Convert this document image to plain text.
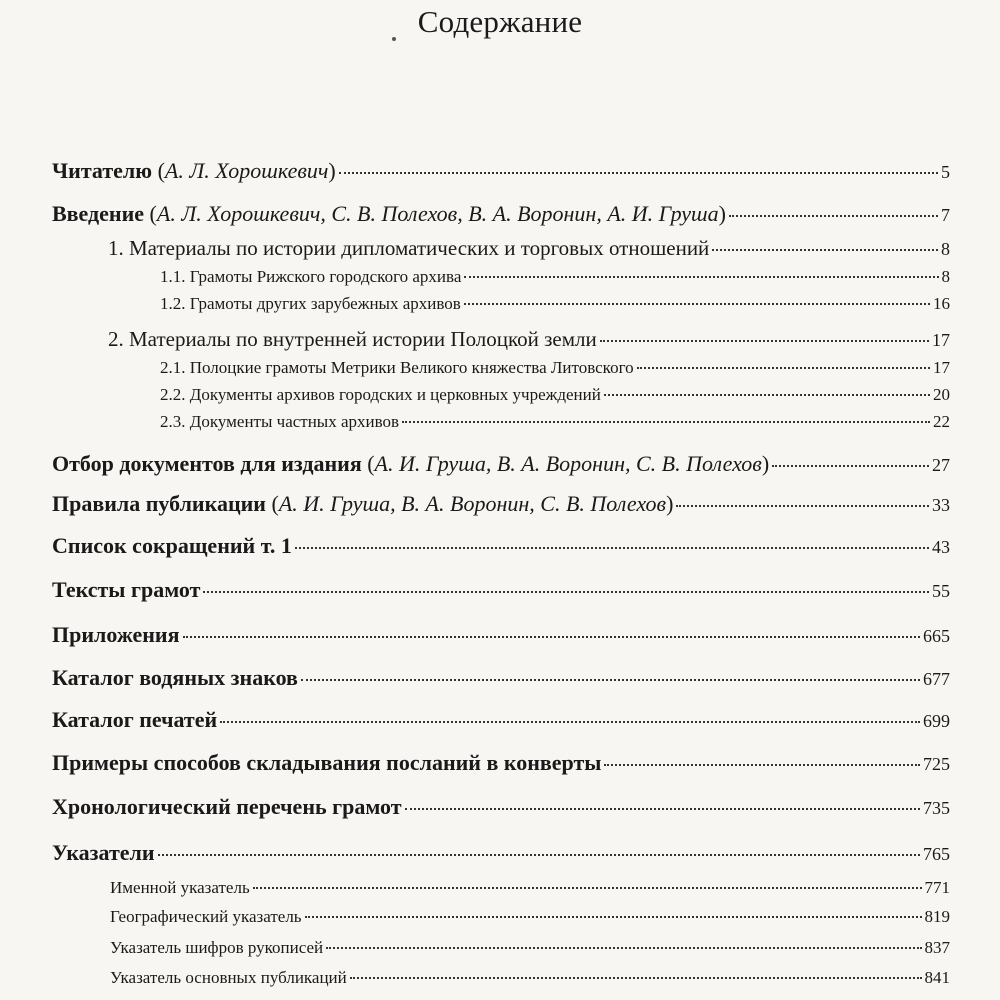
Содержание
Читателю (А. Л. Хорошкевич)	5
Введение (А. Л. Хорошкевич, С. В. Полехов, В. А. Воронин, А. И. Груша)	7
1. Материалы по истории дипломатических и торговых отношений	8
1.1. Грамоты Рижского городского архива	8
1.2. Грамоты других зарубежных архивов	16
2. Материалы по внутренней истории Полоцкой земли	17
2.1. Полоцкие грамоты Метрики Великого княжества Литовского	17
2.2. Документы архивов городских и церковных учреждений	20
2.3. Документы частных архивов	22
Отбор документов для издания (А. И. Груша, В. А. Воронин, С. В. Полехов)	27
Правила публикации (А. И. Груша, В. А. Воронин, С. В. Полехов)	33
Список сокращений т. 1	43
Тексты грамот	55
Приложения	665
Каталог водяных знаков	677
Каталог печатей	699
Примеры способов складывания посланий в конверты	725
Хронологический перечень грамот	735
Указатели	765
Именной указатель	771
Географический указатель	819
Указатель шифров рукописей	837
Указатель основных публикаций	841
